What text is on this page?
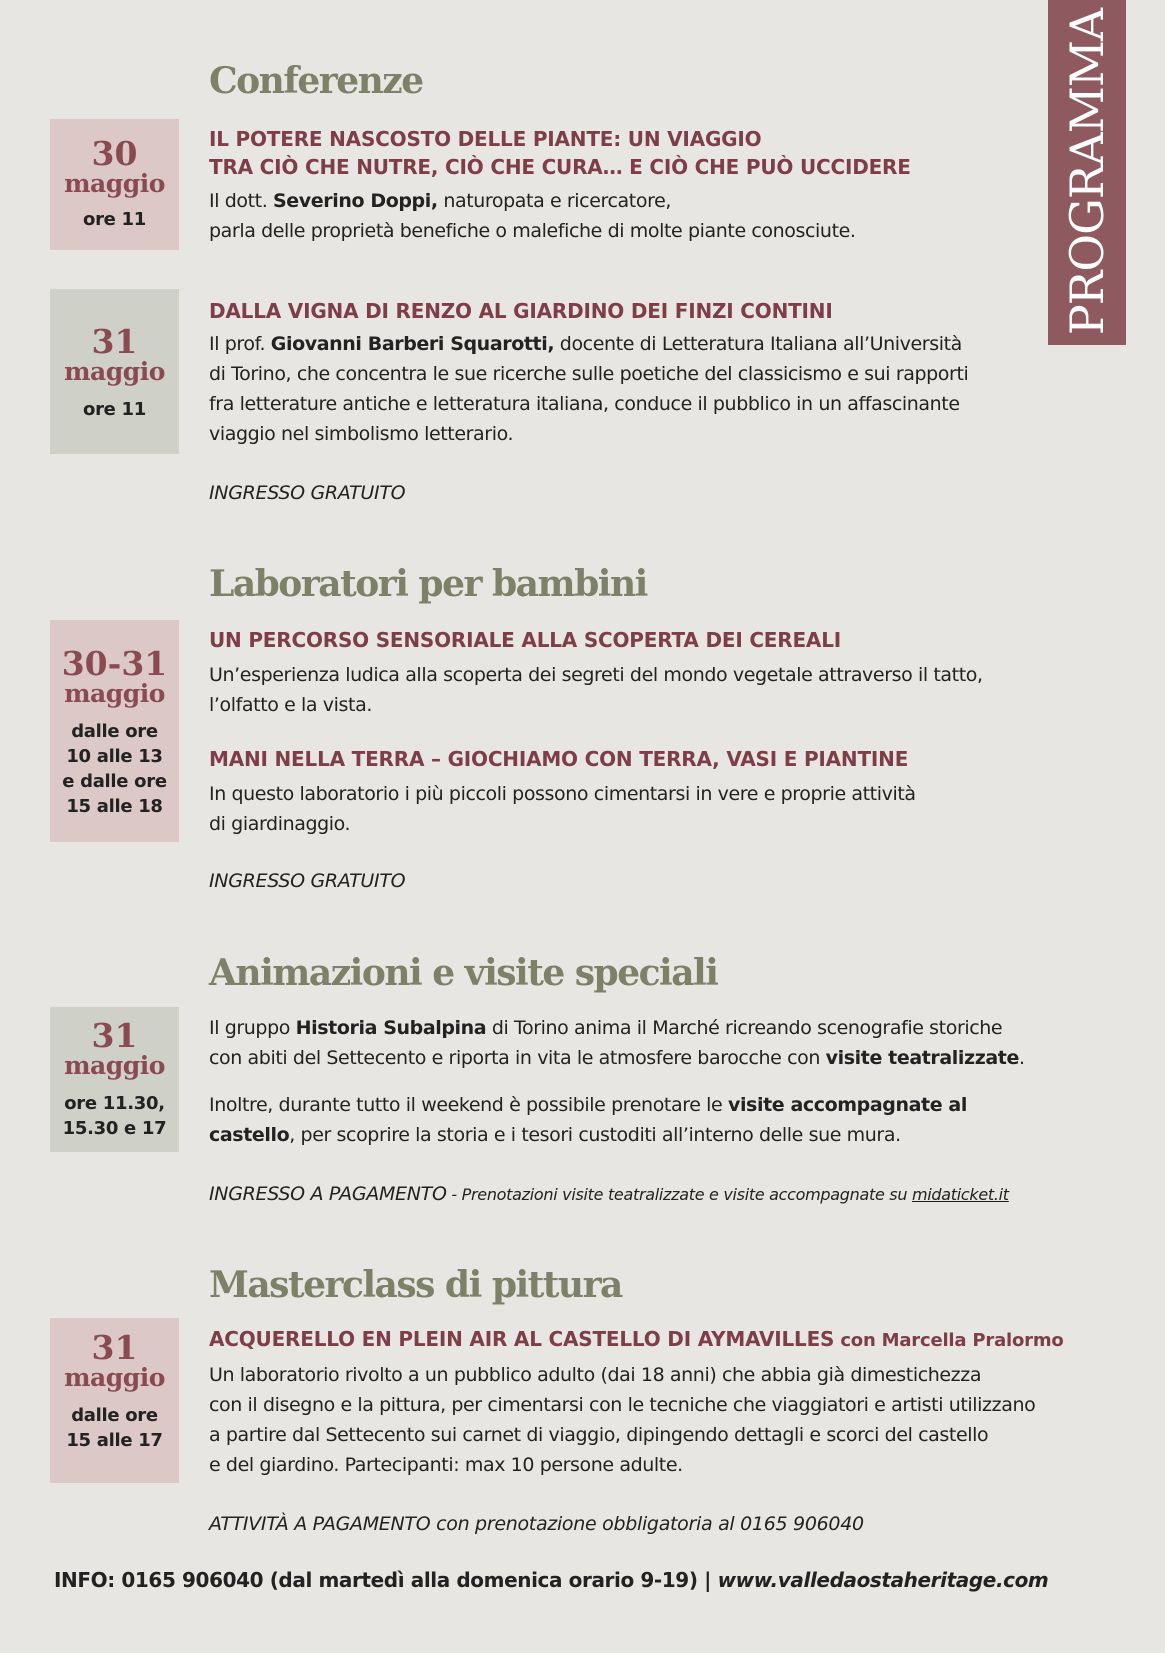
PROGRAMMA
Conferenze
30
maggio
ore 11

IL POTERE NASCOSTO DELLE PIANTE: UN VIAGGIO
TRA CIÒ CHE NUTRE, CIÒ CHE CURA… E CIÒ CHE PUÒ UCCIDERE

Il dott. Severino Doppi, naturopata e ricercatore,
parla delle proprietà benefiche o malefiche di molte piante conosciute.

31
maggio
ore 11

DALLA VIGNA DI RENZO AL GIARDINO DEI FINZI CONTINI

Il prof. Giovanni Barberi Squarotti, docente di Letteratura Italiana all’Università
di Torino, che concentra le sue ricerche sulle poetiche del classicismo e sui rapporti
fra letterature antiche e letteratura italiana, conduce il pubblico in un affascinante
viaggio nel simbolismo letterario.

INGRESSO GRATUITO

Laboratori per bambini
30-31
maggio
dalle ore
10 alle 13
e dalle ore
15 alle 18

UN PERCORSO SENSORIALE ALLA SCOPERTA DEI CEREALI

Un’esperienza ludica alla scoperta dei segreti del mondo vegetale attraverso il tatto,
l’olfatto e la vista.

MANI NELLA TERRA – GIOCHIAMO CON TERRA, VASI E PIANTINE

In questo laboratorio i più piccoli possono cimentarsi in vere e proprie attività
di giardinaggio.

INGRESSO GRATUITO

Animazioni e visite speciali
31
maggio
ore 11.30,
15.30 e 17

Il gruppo Historia Subalpina di Torino anima il Marché ricreando scenografie storiche
con abiti del Settecento e riporta in vita le atmosfere barocche con visite teatralizzate.

Inoltre, durante tutto il weekend è possibile prenotare le visite accompagnate al
castello, per scoprire la storia e i tesori custoditi all’interno delle sue mura.

INGRESSO A PAGAMENTO - Prenotazioni visite teatralizzate e visite accompagnate su midaticket.it

Masterclass di pittura
31
maggio
dalle ore
15 alle 17

ACQUERELLO EN PLEIN AIR AL CASTELLO DI AYMAVILLES con Marcella Pralormo

Un laboratorio rivolto a un pubblico adulto (dai 18 anni) che abbia già dimestichezza
con il disegno e la pittura, per cimentarsi con le tecniche che viaggiatori e artisti utilizzano
a partire dal Settecento sui carnet di viaggio, dipingendo dettagli e scorci del castello
e del giardino. Partecipanti: max 10 persone adulte.

ATTIVITÀ A PAGAMENTO con prenotazione obbligatoria al 0165 906040

INFO: 0165 906040 (dal martedì alla domenica orario 9-19) | www.valledaostaheritage.com
